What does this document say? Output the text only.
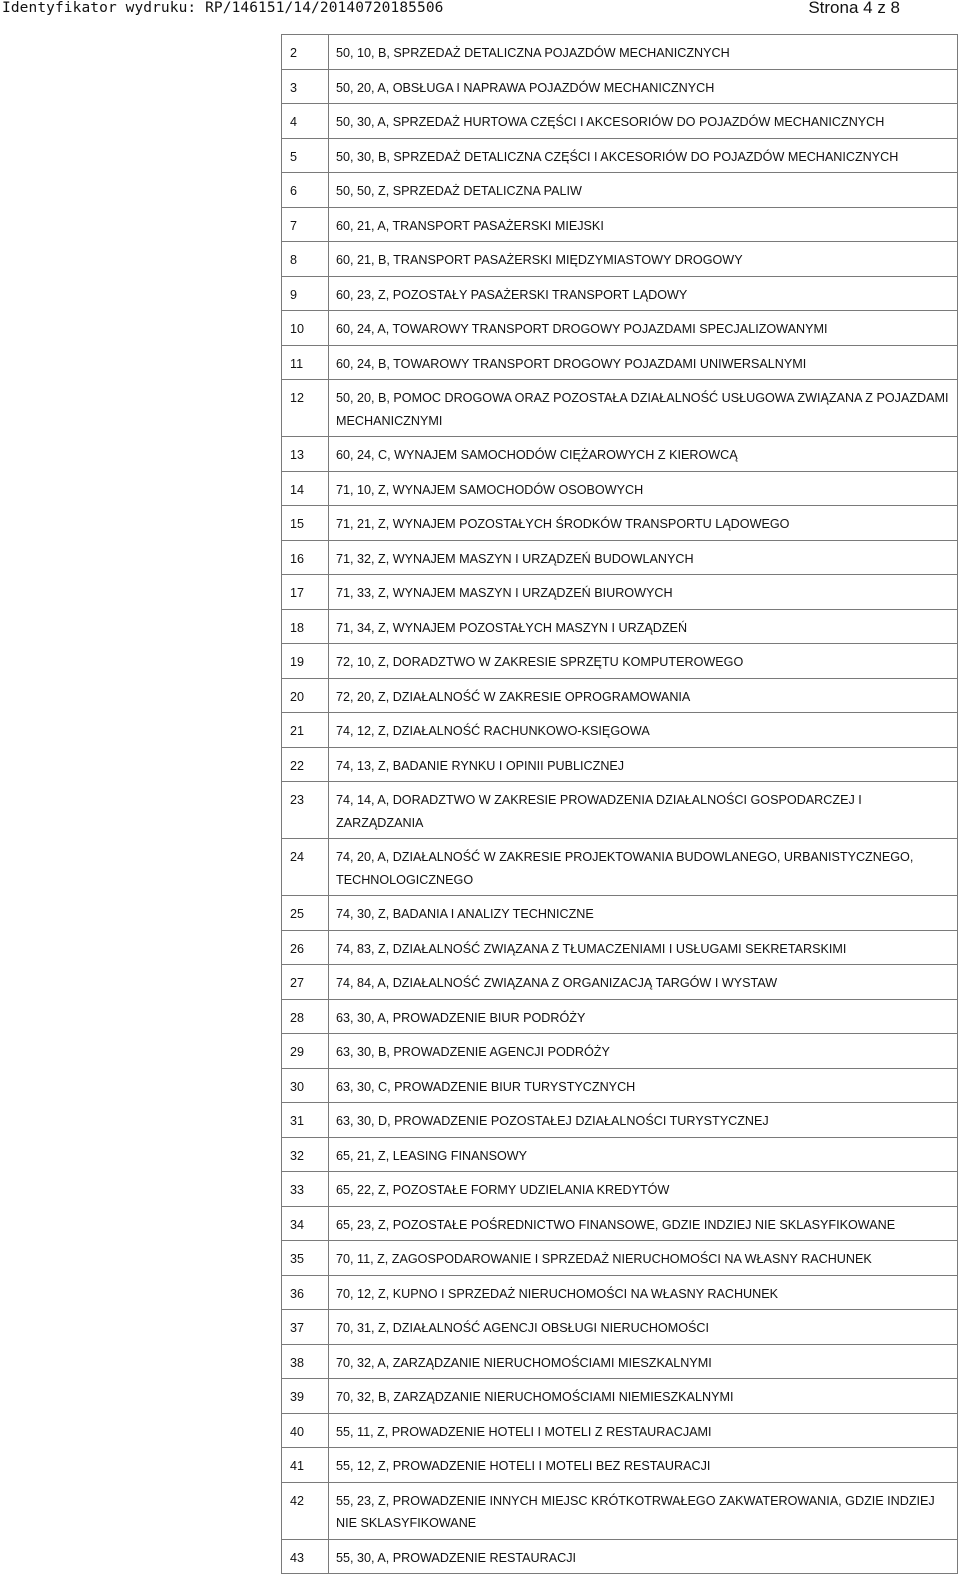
Identyfikator wydruku: RP/146151/14/20140720185506	Strona 4 z 8
2	50, 10, B, SPRZEDAŻ DETALICZNA POJAZDÓW MECHANICZNYCH
3	50, 20, A, OBSŁUGA I NAPRAWA POJAZDÓW MECHANICZNYCH
4	50, 30, A, SPRZEDAŻ HURTOWA CZĘŚCI I AKCESORIÓW DO POJAZDÓW MECHANICZNYCH
5	50, 30, B, SPRZEDAŻ DETALICZNA CZĘŚCI I AKCESORIÓW DO POJAZDÓW MECHANICZNYCH
6	50, 50, Z, SPRZEDAŻ DETALICZNA PALIW
7	60, 21, A, TRANSPORT PASAŻERSKI MIEJSKI
8	60, 21, B, TRANSPORT PASAŻERSKI MIĘDZYMIASTOWY DROGOWY
9	60, 23, Z, POZOSTAŁY PASAŻERSKI TRANSPORT LĄDOWY
10	60, 24, A, TOWAROWY TRANSPORT DROGOWY POJAZDAMI SPECJALIZOWANYMI
11	60, 24, B, TOWAROWY TRANSPORT DROGOWY POJAZDAMI UNIWERSALNYMI
12	50, 20, B, POMOC DROGOWA ORAZ POZOSTAŁA DZIAŁALNOŚĆ USŁUGOWA ZWIĄZANA Z POJAZDAMI MECHANICZNYMI
13	60, 24, C, WYNAJEM SAMOCHODÓW CIĘŻAROWYCH Z KIEROWCĄ
14	71, 10, Z, WYNAJEM SAMOCHODÓW OSOBOWYCH
15	71, 21, Z, WYNAJEM POZOSTAŁYCH ŚRODKÓW TRANSPORTU LĄDOWEGO
16	71, 32, Z, WYNAJEM MASZYN I URZĄDZEŃ BUDOWLANYCH
17	71, 33, Z, WYNAJEM MASZYN I URZĄDZEŃ BIUROWYCH
18	71, 34, Z, WYNAJEM POZOSTAŁYCH MASZYN I URZĄDZEŃ
19	72, 10, Z, DORADZTWO W ZAKRESIE SPRZĘTU KOMPUTEROWEGO
20	72, 20, Z, DZIAŁALNOŚĆ W ZAKRESIE OPROGRAMOWANIA
21	74, 12, Z, DZIAŁALNOŚĆ RACHUNKOWO-KSIĘGOWA
22	74, 13, Z, BADANIE RYNKU I OPINII PUBLICZNEJ
23	74, 14, A, DORADZTWO W ZAKRESIE PROWADZENIA DZIAŁALNOŚCI GOSPODARCZEJ I ZARZĄDZANIA
24	74, 20, A, DZIAŁALNOŚĆ W ZAKRESIE PROJEKTOWANIA BUDOWLANEGO, URBANISTYCZNEGO, TECHNOLOGICZNEGO
25	74, 30, Z, BADANIA I ANALIZY TECHNICZNE
26	74, 83, Z, DZIAŁALNOŚĆ ZWIĄZANA Z TŁUMACZENIAMI I USŁUGAMI SEKRETARSKIMI
27	74, 84, A, DZIAŁALNOŚĆ ZWIĄZANA Z ORGANIZACJĄ TARGÓW I WYSTAW
28	63, 30, A, PROWADZENIE BIUR PODRÓŻY
29	63, 30, B, PROWADZENIE AGENCJI PODRÓŻY
30	63, 30, C, PROWADZENIE BIUR TURYSTYCZNYCH
31	63, 30, D, PROWADZENIE POZOSTAŁEJ DZIAŁALNOŚCI TURYSTYCZNEJ
32	65, 21, Z, LEASING FINANSOWY
33	65, 22, Z, POZOSTAŁE FORMY UDZIELANIA KREDYTÓW
34	65, 23, Z, POZOSTAŁE POŚREDNICTWO FINANSOWE, GDZIE INDZIEJ NIE SKLASYFIKOWANE
35	70, 11, Z, ZAGOSPODAROWANIE I SPRZEDAŻ NIERUCHOMOŚCI NA WŁASNY RACHUNEK
36	70, 12, Z, KUPNO I SPRZEDAŻ NIERUCHOMOŚCI NA WŁASNY RACHUNEK
37	70, 31, Z, DZIAŁALNOŚĆ AGENCJI OBSŁUGI NIERUCHOMOŚCI
38	70, 32, A, ZARZĄDZANIE NIERUCHOMOŚCIAMI MIESZKALNYMI
39	70, 32, B, ZARZĄDZANIE NIERUCHOMOŚCIAMI NIEMIESZKALNYMI
40	55, 11, Z, PROWADZENIE HOTELI I MOTELI Z RESTAURACJAMI
41	55, 12, Z, PROWADZENIE HOTELI I MOTELI BEZ RESTAURACJI
42	55, 23, Z, PROWADZENIE INNYCH MIEJSC KRÓTKOTRWAŁEGO ZAKWATEROWANIA, GDZIE INDZIEJ NIE SKLASYFIKOWANE
43	55, 30, A, PROWADZENIE RESTAURACJI
